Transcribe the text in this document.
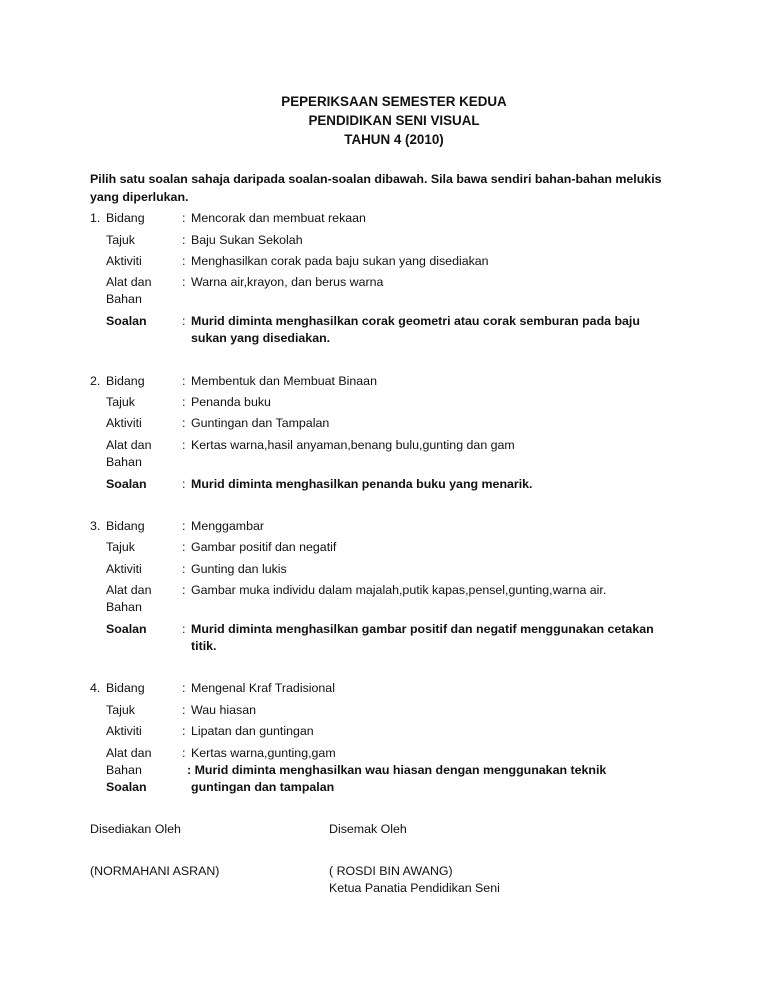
PEPERIKSAAN SEMESTER KEDUA
PENDIDIKAN SENI VISUAL
TAHUN 4 (2010)
Pilih satu soalan sahaja daripada soalan-soalan dibawah. Sila bawa sendiri bahan-bahan melukis yang diperlukan.
1. Bidang	: Mencorak dan membuat rekaan
Tajuk	: Baju Sukan Sekolah
Aktiviti	: Menghasilkan corak pada baju sukan yang disediakan
Alat dan
Bahan
: Warna air,krayon, dan berus warna
Soalan	: Murid diminta menghasilkan corak geometri atau corak semburan pada baju
sukan yang disediakan.
2. Bidang	: Membentuk dan Membuat Binaan
Tajuk	: Penanda buku
Aktiviti	: Guntingan dan Tampalan
Alat dan
Bahan
: Kertas warna,hasil anyaman,benang bulu,gunting dan gam
Soalan	: Murid diminta menghasilkan penanda buku yang menarik.
3. Bidang	: Menggambar
Tajuk	: Gambar positif dan negatif
Aktiviti	: Gunting dan lukis
Alat dan
Bahan
: Gambar muka individu dalam majalah,putik kapas,pensel,gunting,warna air.
Soalan	: Murid diminta menghasilkan gambar positif dan negatif menggunakan cetakan
titik.
4. Bidang	: Mengenal Kraf Tradisional
Tajuk	: Wau hiasan
Aktiviti	: Lipatan dan guntingan
Alat dan
Bahan
: Kertas warna,gunting,gam
Soalan
: Murid diminta menghasilkan wau hiasan dengan menggunakan teknik
guntingan dan tampalan
Disediakan Oleh	Disemak Oleh
(NORMAHANI ASRAN)	( ROSDI BIN AWANG)
Ketua Panatia Pendidikan Seni
